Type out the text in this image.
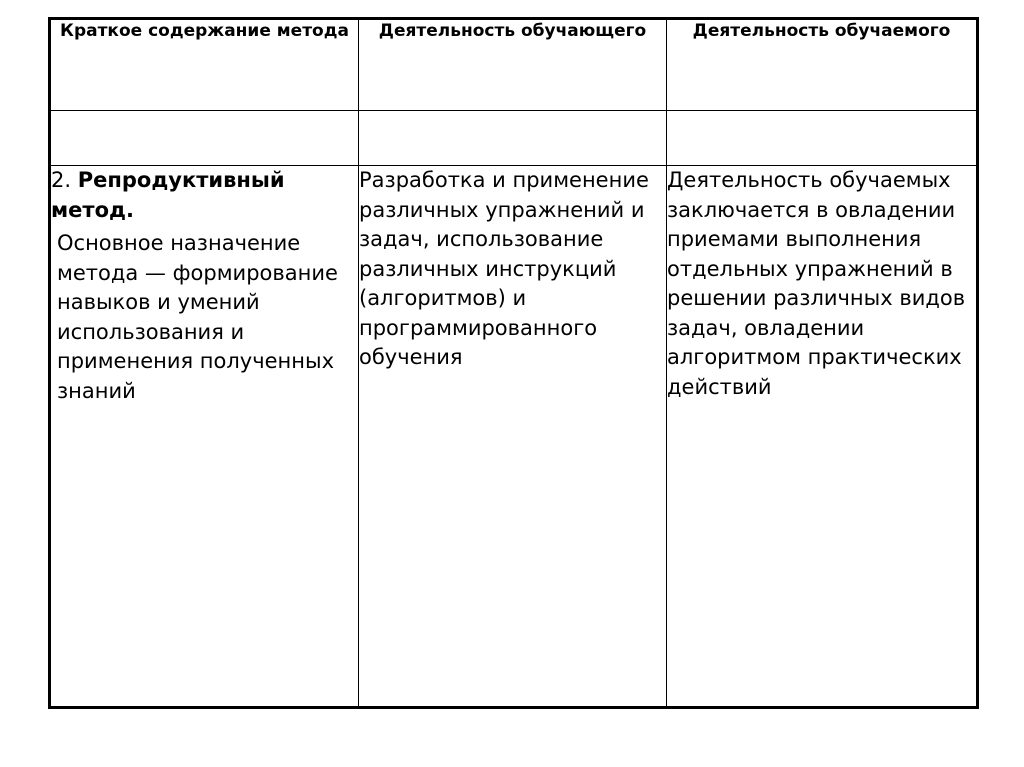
Краткое содержание метода	Деятельность обучающего	Деятельность обучаемого

2. Репродуктивный метод.
Основное назначение метода — формирование навыков и умений использования и применения полученных знаний	Разработка и применение различных упражнений и задач, использование различных инструкций (алгоритмов) и программированного обучения	Деятельность обучаемых заключается в овладении приемами выполнения отдельных упражнений в решении различных видов задач, овладении алгоритмом практических действий
